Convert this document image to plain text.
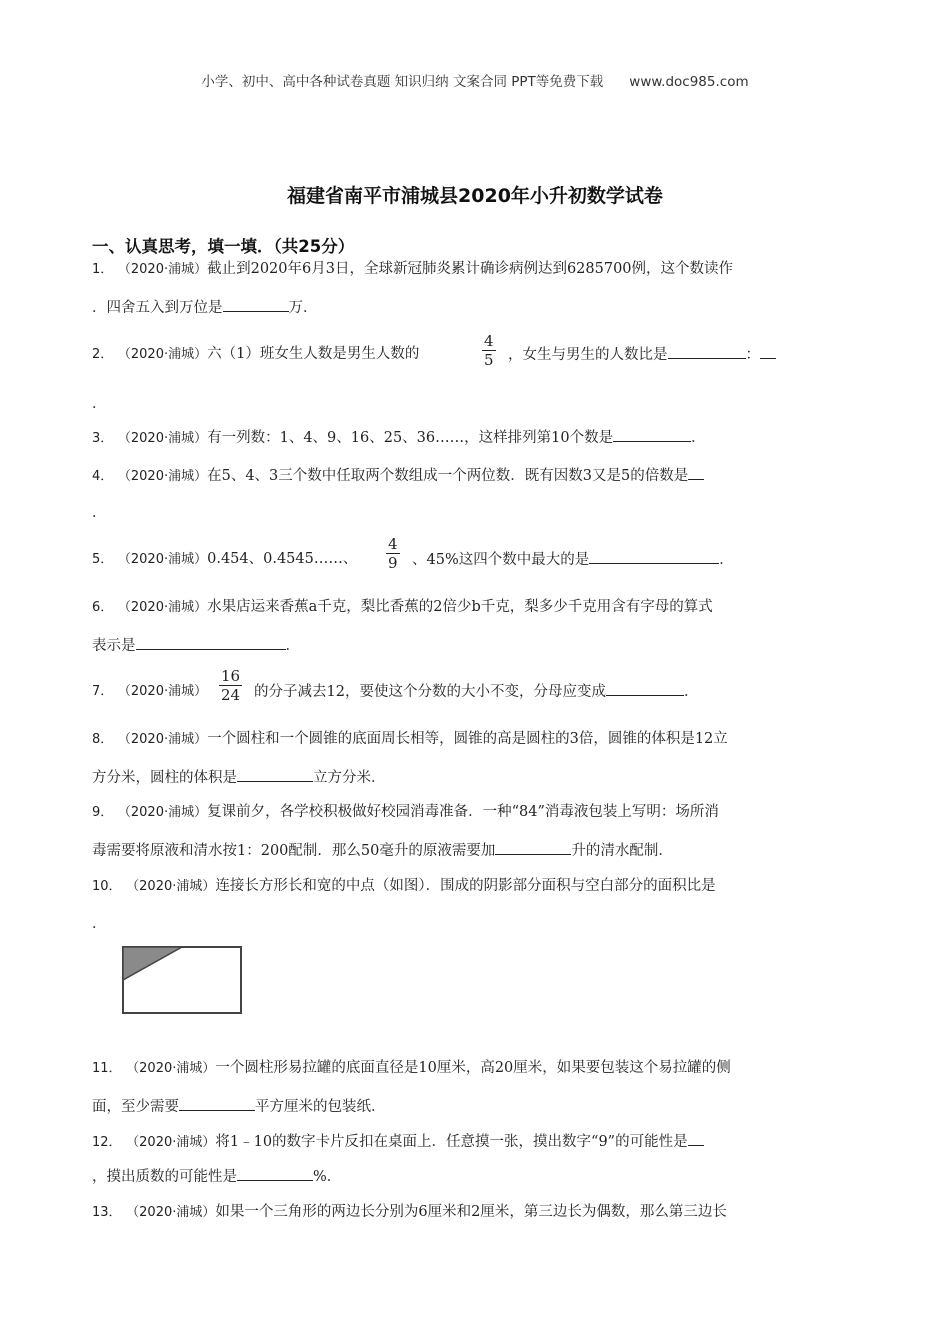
小学、初中、高中各种试卷真题 知识归纳 文案合同 PPT等免费下载 www.doc985.com
福建省南平市浦城县2020年小升初数学试卷
一、认真思考，填一填．（共25分）
1． （2020·浦城）截止到2020年6月3日，全球新冠肺炎累计确诊病例达到6285700例，这个数读作
．四舍五入到万位是	万．
2． （2020·浦城）六（1）班女生人数是男生人数的	$\frac{4}{5}$ ，女生与男生的人数比是	：
．
3． （2020·浦城）有一列数：1、4、9、16、25、36……，这样排列第10个数是	．
4． （2020·浦城）在5、4、3三个数中任取两个数组成一个两位数．既有因数3又是5的倍数是
．
5． （2020·浦城）0.454、0.4545……、 $\frac{4}{9}$ 、45%这四个数中最大的是	．
6． （2020·浦城）水果店运来香蕉a千克，梨比香蕉的2倍少b千克，梨多少千克用含有字母的算式
表示是	．
7． （2020·浦城） $\frac{16}{24}$ 的分子减去12，要使这个分数的大小不变，分母应变成	．
8． （2020·浦城）一个圆柱和一个圆锥的底面周长相等，圆锥的高是圆柱的3倍，圆锥的体积是12立
方分米，圆柱的体积是	立方分米．
9． （2020·浦城）复课前夕，各学校积极做好校园消毒准备．一种“84”消毒液包装上写明：场所消
毒需要将原液和清水按1：200配制．那么50毫升的原液需要加	升的清水配制．
10． （2020·浦城）连接长方形长和宽的中点（如图）．围成的阴影部分面积与空白部分的面积比是
．
11． （2020·浦城）一个圆柱形易拉罐的底面直径是10厘米，高20厘米，如果要包装这个易拉罐的侧
面，至少需要	平方厘米的包装纸．
12． （2020·浦城）将1﹣10的数字卡片反扣在桌面上．任意摸一张，摸出数字“9”的可能性是
，摸出质数的可能性是	%．
13． （2020·浦城）如果一个三角形的两边长分别为6厘米和2厘米，第三边长为偶数，那么第三边长
